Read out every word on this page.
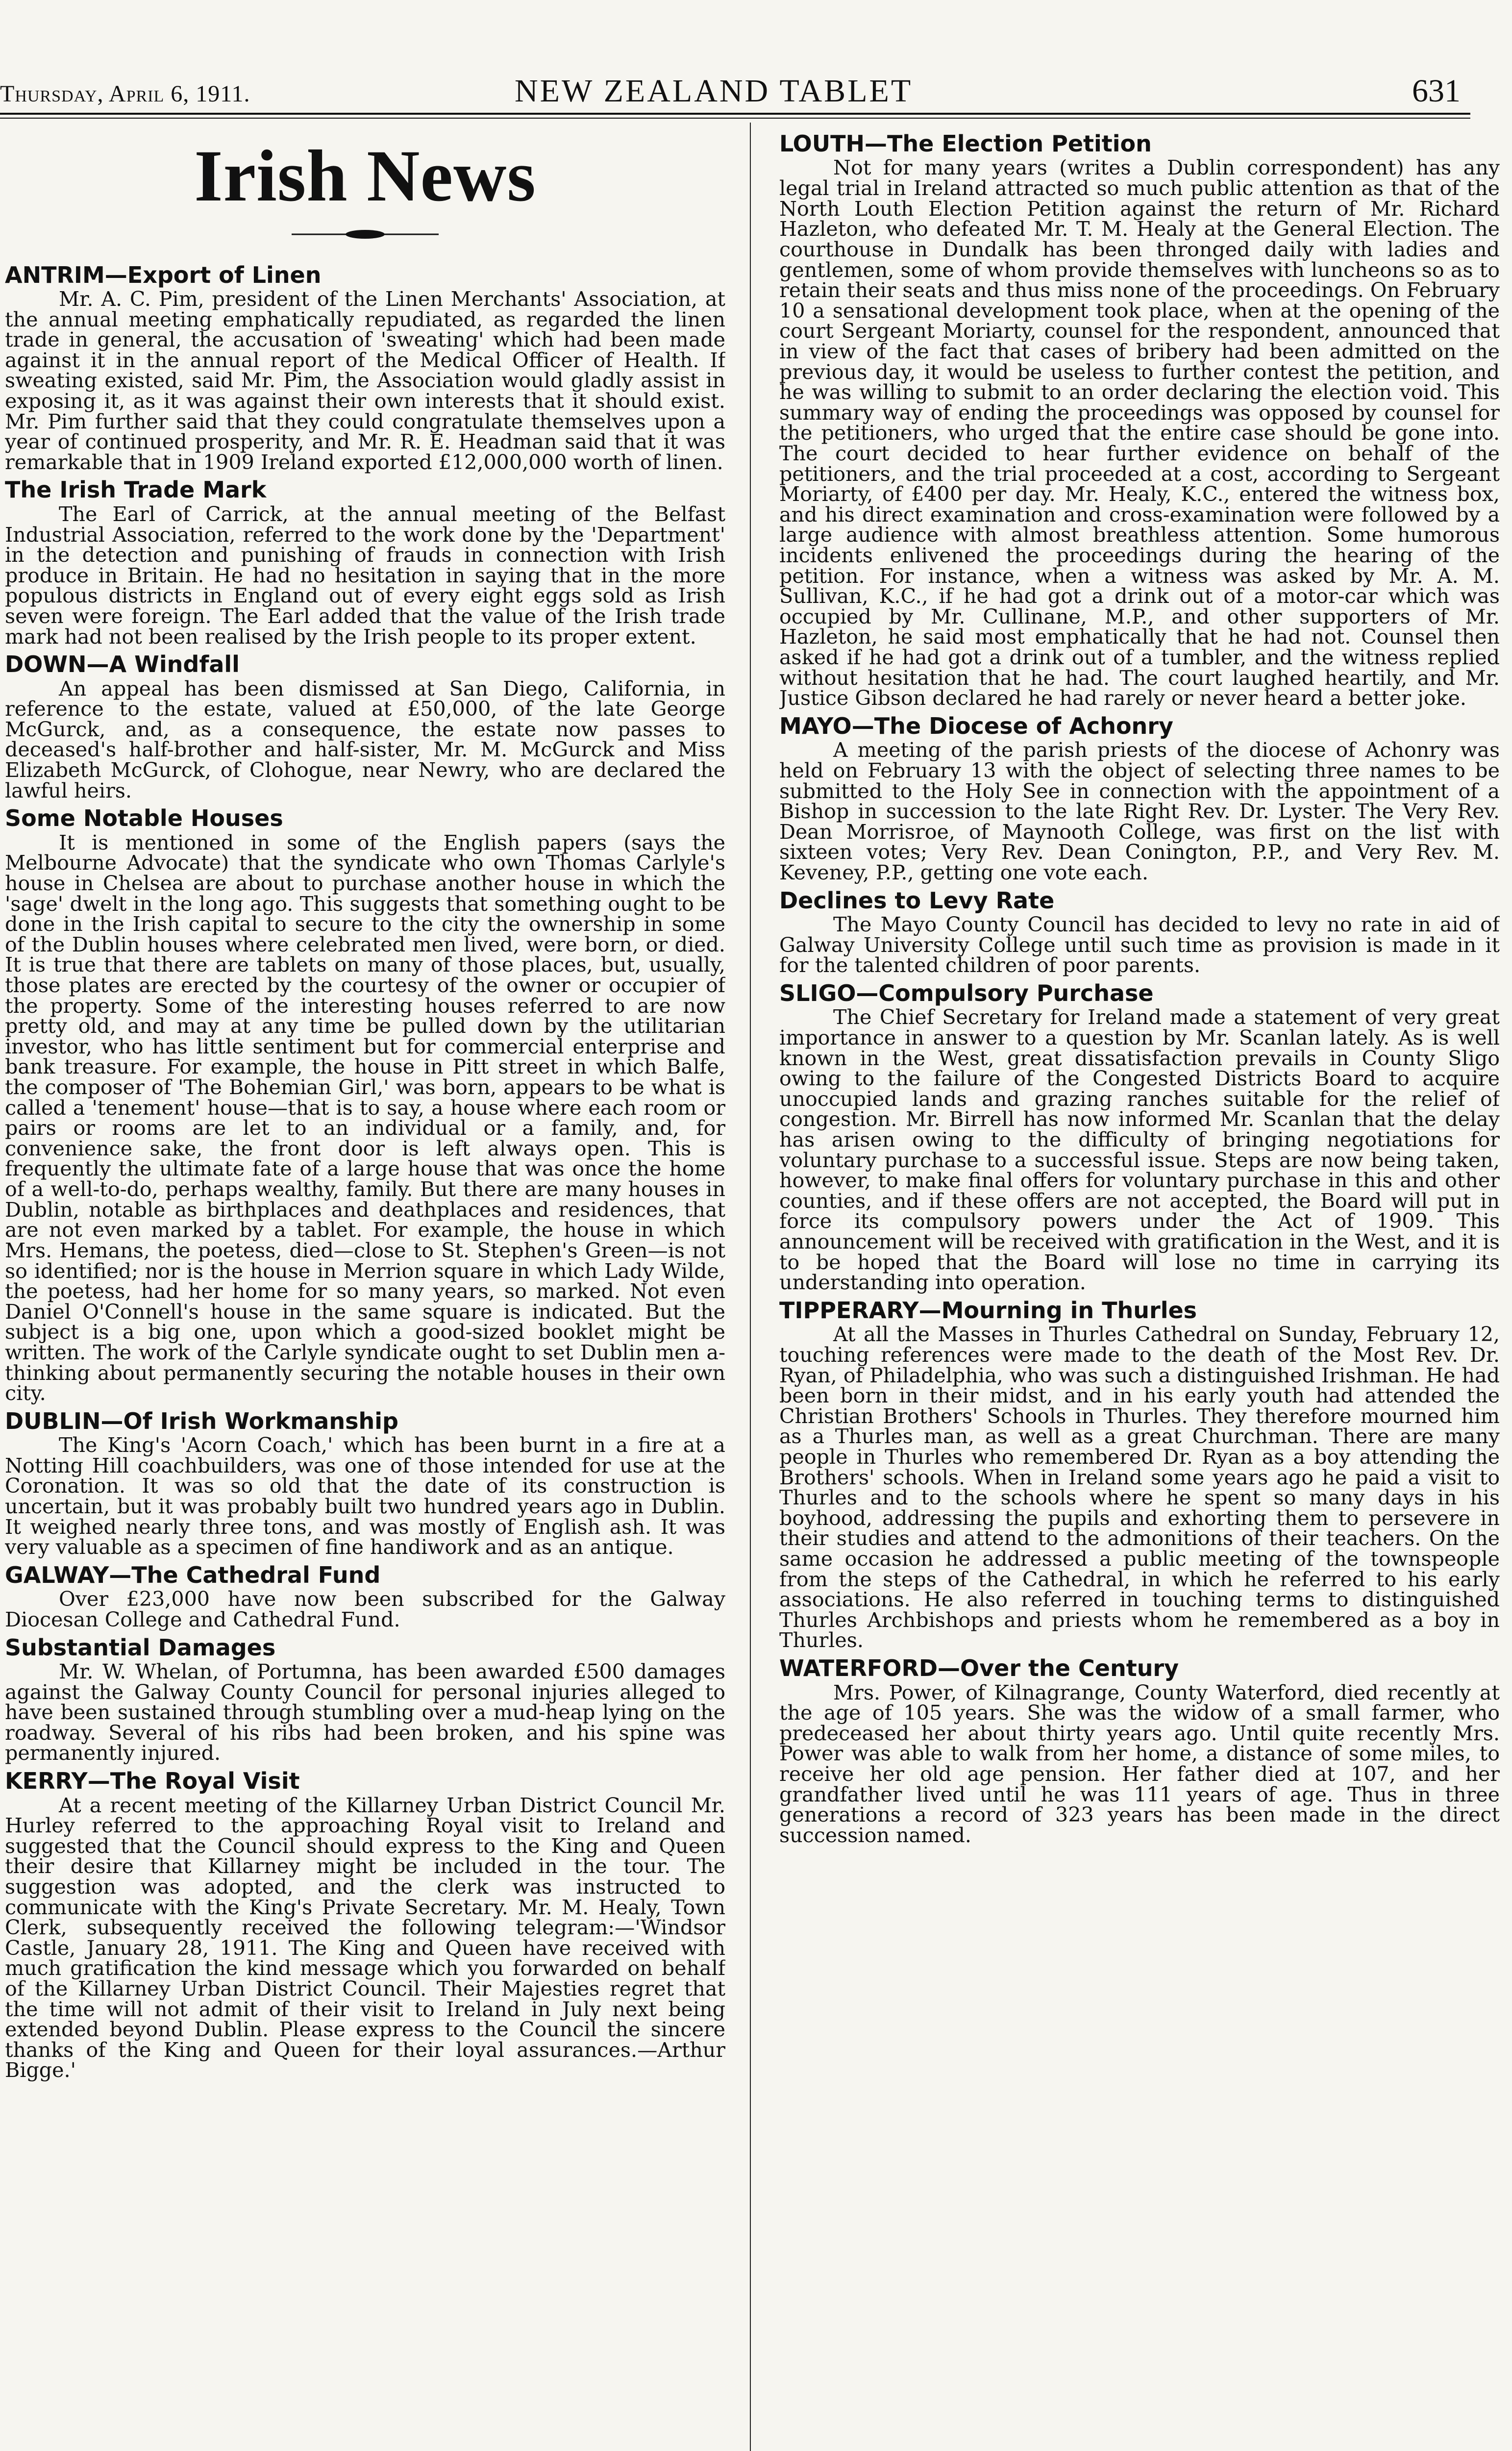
Thursday, April 6, 1911.	NEW ZEALAND TABLET	631
Irish News
ANTRIM—Export of Linen

Mr. A. C. Pim, president of the Linen Merchants' Association, at the annual meeting emphatically repudiated, as regarded the linen trade in general, the accusation of 'sweating' which had been made against it in the annual report of the Medical Officer of Health. If sweating existed, said Mr. Pim, the Association would gladly assist in exposing it, as it was against their own interests that it should exist. Mr. Pim further said that they could congratulate themselves upon a year of continued prosperity, and Mr. R. E. Headman said that it was remarkable that in 1909 Ireland exported £12,000,000 worth of linen.

The Irish Trade Mark

The Earl of Carrick, at the annual meeting of the Belfast Industrial Association, referred to the work done by the 'Department' in the detection and punishing of frauds in connection with Irish produce in Britain. He had no hesitation in saying that in the more populous districts in England out of every eight eggs sold as Irish seven were foreign. The Earl added that the value of the Irish trade mark had not been realised by the Irish people to its proper extent.

DOWN—A Windfall

An appeal has been dismissed at San Diego, California, in reference to the estate, valued at £50,000, of the late George McGurck, and, as a consequence, the estate now passes to deceased's half-brother and half-sister, Mr. M. McGurck and Miss Elizabeth McGurck, of Clohogue, near Newry, who are declared the lawful heirs.

Some Notable Houses

It is mentioned in some of the English papers (says the Melbourne Advocate) that the syndicate who own Thomas Carlyle's house in Chelsea are about to purchase another house in which the 'sage' dwelt in the long ago. This suggests that something ought to be done in the Irish capital to secure to the city the ownership in some of the Dublin houses where celebrated men lived, were born, or died. It is true that there are tablets on many of those places, but, usually, those plates are erected by the courtesy of the owner or occupier of the property. Some of the interesting houses referred to are now pretty old, and may at any time be pulled down by the utilitarian investor, who has little sentiment but for commercial enterprise and bank treasure. For example, the house in Pitt street in which Balfe, the composer of 'The Bohemian Girl,' was born, appears to be what is called a 'tenement' house—that is to say, a house where each room or pairs or rooms are let to an individual or a family, and, for convenience sake, the front door is left always open. This is frequently the ultimate fate of a large house that was once the home of a well-to-do, perhaps wealthy, family. But there are many houses in Dublin, notable as birthplaces and deathplaces and residences, that are not even marked by a tablet. For example, the house in which Mrs. Hemans, the poetess, died—close to St. Stephen's Green—is not so identified; nor is the house in Merrion square in which Lady Wilde, the poetess, had her home for so many years, so marked. Not even Daniel O'Connell's house in the same square is indicated. But the subject is a big one, upon which a good-sized booklet might be written. The work of the Carlyle syndicate ought to set Dublin men a-thinking about permanently securing the notable houses in their own city.

DUBLIN—Of Irish Workmanship

The King's 'Acorn Coach,' which has been burnt in a fire at a Notting Hill coachbuilders, was one of those intended for use at the Coronation. It was so old that the date of its construction is uncertain, but it was probably built two hundred years ago in Dublin. It weighed nearly three tons, and was mostly of English ash. It was very valuable as a specimen of fine handiwork and as an antique.

GALWAY—The Cathedral Fund

Over £23,000 have now been subscribed for the Galway Diocesan College and Cathedral Fund.

Substantial Damages

Mr. W. Whelan, of Portumna, has been awarded £500 damages against the Galway County Council for personal injuries alleged to have been sustained through stumbling over a mud-heap lying on the roadway. Several of his ribs had been broken, and his spine was permanently injured.

KERRY—The Royal Visit

At a recent meeting of the Killarney Urban District Council Mr. Hurley referred to the approaching Royal visit to Ireland and suggested that the Council should express to the King and Queen their desire that Killarney might be included in the tour. The suggestion was adopted, and the clerk was instructed to communicate with the King's Private Secretary. Mr. M. Healy, Town Clerk, subsequently received the following telegram:—'Windsor Castle, January 28, 1911. The King and Queen have received with much gratification the kind message which you forwarded on behalf of the Killarney Urban District Council. Their Majesties regret that the time will not admit of their visit to Ireland in July next being extended beyond Dublin. Please express to the Council the sincere thanks of the King and Queen for their loyal assurances.—Arthur Bigge.'

LOUTH—The Election Petition

Not for many years (writes a Dublin correspondent) has any legal trial in Ireland attracted so much public attention as that of the North Louth Election Petition against the return of Mr. Richard Hazleton, who defeated Mr. T. M. Healy at the General Election. The courthouse in Dundalk has been thronged daily with ladies and gentlemen, some of whom provide themselves with luncheons so as to retain their seats and thus miss none of the proceedings. On February 10 a sensational development took place, when at the opening of the court Sergeant Moriarty, counsel for the respondent, announced that in view of the fact that cases of bribery had been admitted on the previous day, it would be useless to further contest the petition, and he was willing to submit to an order declaring the election void. This summary way of ending the proceedings was opposed by counsel for the petitioners, who urged that the entire case should be gone into. The court decided to hear further evidence on behalf of the petitioners, and the trial proceeded at a cost, according to Sergeant Moriarty, of £400 per day. Mr. Healy, K.C., entered the witness box, and his direct examination and cross-examination were followed by a large audience with almost breathless attention. Some humorous incidents enlivened the proceedings during the hearing of the petition. For instance, when a witness was asked by Mr. A. M. Sullivan, K.C., if he had got a drink out of a motor-car which was occupied by Mr. Cullinane, M.P., and other supporters of Mr. Hazleton, he said most emphatically that he had not. Counsel then asked if he had got a drink out of a tumbler, and the witness replied without hesitation that he had. The court laughed heartily, and Mr. Justice Gibson declared he had rarely or never heard a better joke.

MAYO—The Diocese of Achonry

A meeting of the parish priests of the diocese of Achonry was held on February 13 with the object of selecting three names to be submitted to the Holy See in connection with the appointment of a Bishop in succession to the late Right Rev. Dr. Lyster. The Very Rev. Dean Morrisroe, of Maynooth College, was first on the list with sixteen votes; Very Rev. Dean Conington, P.P., and Very Rev. M. Keveney, P.P., getting one vote each.

Declines to Levy Rate

The Mayo County Council has decided to levy no rate in aid of Galway University College until such time as provision is made in it for the talented children of poor parents.

SLIGO—Compulsory Purchase

The Chief Secretary for Ireland made a statement of very great importance in answer to a question by Mr. Scanlan lately. As is well known in the West, great dissatisfaction prevails in County Sligo owing to the failure of the Congested Districts Board to acquire unoccupied lands and grazing ranches suitable for the relief of congestion. Mr. Birrell has now informed Mr. Scanlan that the delay has arisen owing to the difficulty of bringing negotiations for voluntary purchase to a successful issue. Steps are now being taken, however, to make final offers for voluntary purchase in this and other counties, and if these offers are not accepted, the Board will put in force its compulsory powers under the Act of 1909. This announcement will be received with gratification in the West, and it is to be hoped that the Board will lose no time in carrying its understanding into operation.

TIPPERARY—Mourning in Thurles

At all the Masses in Thurles Cathedral on Sunday, February 12, touching references were made to the death of the Most Rev. Dr. Ryan, of Philadelphia, who was such a distinguished Irishman. He had been born in their midst, and in his early youth had attended the Christian Brothers' Schools in Thurles. They therefore mourned him as a Thurles man, as well as a great Churchman. There are many people in Thurles who remembered Dr. Ryan as a boy attending the Brothers' schools. When in Ireland some years ago he paid a visit to Thurles and to the schools where he spent so many days in his boyhood, addressing the pupils and exhorting them to persevere in their studies and attend to the admonitions of their teachers. On the same occasion he addressed a public meeting of the townspeople from the steps of the Cathedral, in which he referred to his early associations. He also referred in touching terms to distinguished Thurles Archbishops and priests whom he remembered as a boy in Thurles.

WATERFORD—Over the Century

Mrs. Power, of Kilnagrange, County Waterford, died recently at the age of 105 years. She was the widow of a small farmer, who predeceased her about thirty years ago. Until quite recently Mrs. Power was able to walk from her home, a distance of some miles, to receive her old age pension. Her father died at 107, and her grandfather lived until he was 111 years of age. Thus in three generations a record of 323 years has been made in the direct succession named.
